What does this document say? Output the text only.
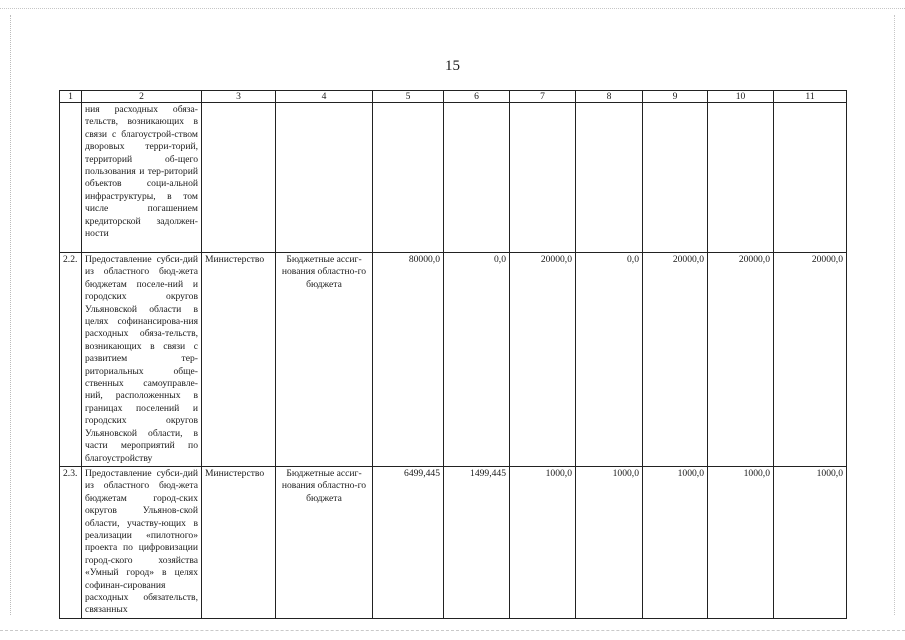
15
1	2	3	4	5	6	7	8	9	10	11
	ния расходных обяза-тельств, возникающих в связи с благоустрой-ством дворовых терри-торий, территорий об-щего пользования и тер-риторий объектов соци-альной инфраструктуры, в том числе погашением кредиторской задолжен-ности									
2.2.	Предоставление субси-дий из областного бюд-жета бюджетам поселе-ний и городских округов Ульяновской области в целях софинансирова-ния расходных обяза-тельств, возникающих в связи с развитием тер-риториальных обще-ственных самоуправле-ний, расположенных в границах поселений и городских округов Ульяновской области, в части мероприятий по благоустройству	Министерство	Бюджетные ассиг-нования областно-го бюджета	80000,0	0,0	20000,0	0,0	20000,0	20000,0	20000,0
2.3.	Предоставление субси-дий из областного бюд-жета бюджетам город-ских округов Ульянов-ской области, участву-ющих в реализации «пилотного» проекта по цифровизации город-ского хозяйства «Умный город» в целях софинан-сирования расходных обязательств, связанных	Министерство	Бюджетные ассиг-нования областно-го бюджета	6499,445	1499,445	1000,0	1000,0	1000,0	1000,0	1000,0
